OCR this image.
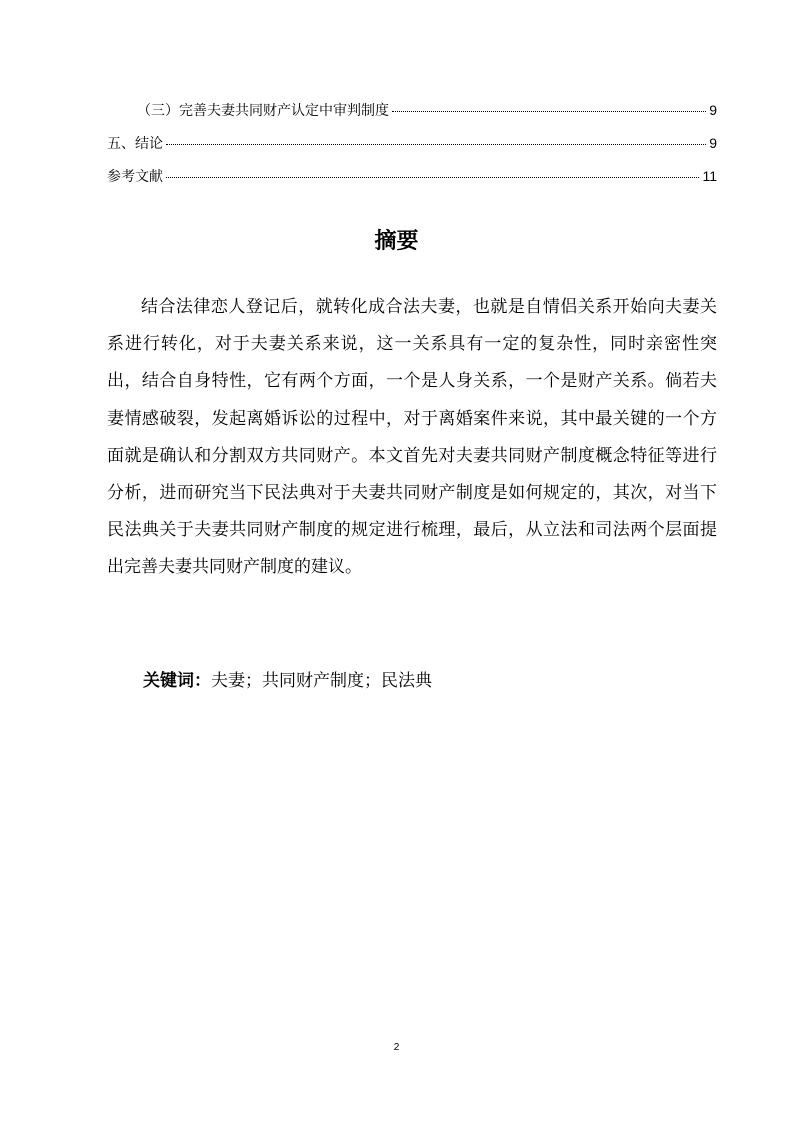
（三）完善夫妻共同财产认定中审判制度	9
五、结论	9
参考文献	11
摘要

结合法律恋人登记后，就转化成合法夫妻，也就是自情侣关系开始向夫妻关系进行转化，对于夫妻关系来说，这一关系具有一定的复杂性，同时亲密性突出，结合自身特性，它有两个方面，一个是人身关系，一个是财产关系。倘若夫妻情感破裂，发起离婚诉讼的过程中，对于离婚案件来说，其中最关键的一个方面就是确认和分割双方共同财产。本文首先对夫妻共同财产制度概念特征等进行分析，进而研究当下民法典对于夫妻共同财产制度是如何规定的，其次，对当下民法典关于夫妻共同财产制度的规定进行梳理，最后，从立法和司法两个层面提出完善夫妻共同财产制度的建议。

关键词：夫妻；共同财产制度；民法典
2
